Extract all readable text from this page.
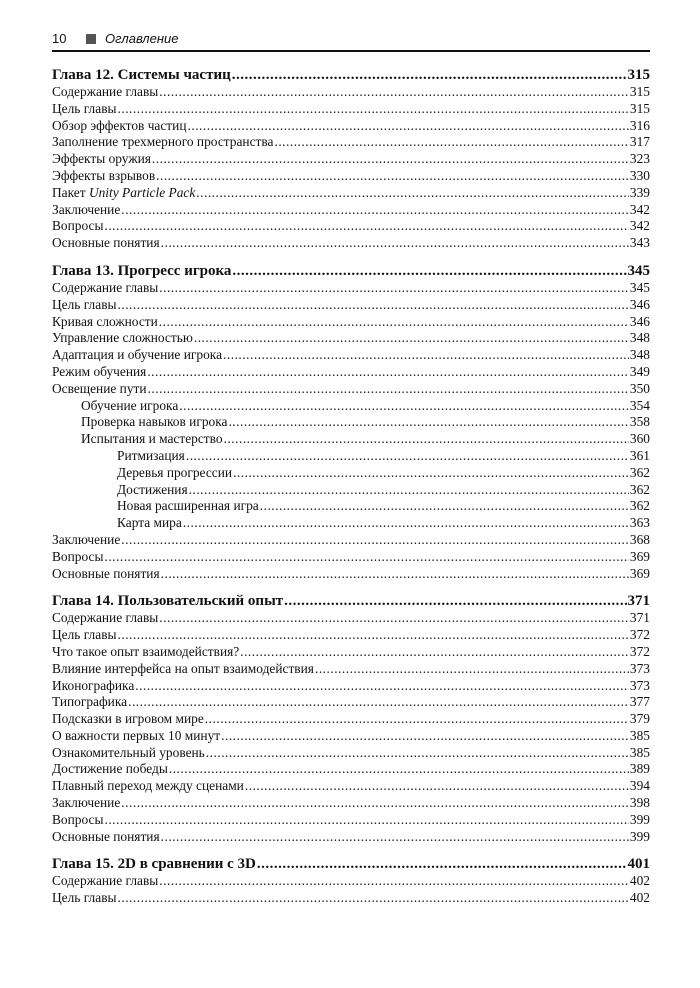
10	Оглавление
Глава 12. Системы частиц .....	315
Содержание главы .....	315
Цель главы .....	315
Обзор эффектов частиц .....	316
Заполнение трехмерного пространства .....	317
Эффекты оружия .....	323
Эффекты взрывов .....	330
Пакет Unity Particle Pack .....	339
Заключение .....	342
Вопросы .....	342
Основные понятия .....	343
Глава 13. Прогресс игрока .....	345
Содержание главы .....	345
Цель главы .....	346
Кривая сложности .....	346
Управление сложностью .....	348
Адаптация и обучение игрока .....	348
Режим обучения .....	349
Освещение пути .....	350
Обучение игрока .....	354
Проверка навыков игрока .....	358
Испытания и мастерство .....	360
Ритмизация .....	361
Деревья прогрессии .....	362
Достижения .....	362
Новая расширенная игра .....	362
Карта мира .....	363
Заключение .....	368
Вопросы .....	369
Основные понятия .....	369
Глава 14. Пользовательский опыт .....	371
Содержание главы .....	371
Цель главы .....	372
Что такое опыт взаимодействия? .....	372
Влияние интерфейса на опыт взаимодействия .....	373
Иконографика .....	373
Типографика .....	377
Подсказки в игровом мире .....	379
О важности первых 10 минут .....	385
Ознакомительный уровень .....	385
Достижение победы .....	389
Плавный переход между сценами .....	394
Заключение .....	398
Вопросы .....	399
Основные понятия .....	399
Глава 15. 2D в сравнении с 3D .....	401
Содержание главы .....	402
Цель главы .....	402
